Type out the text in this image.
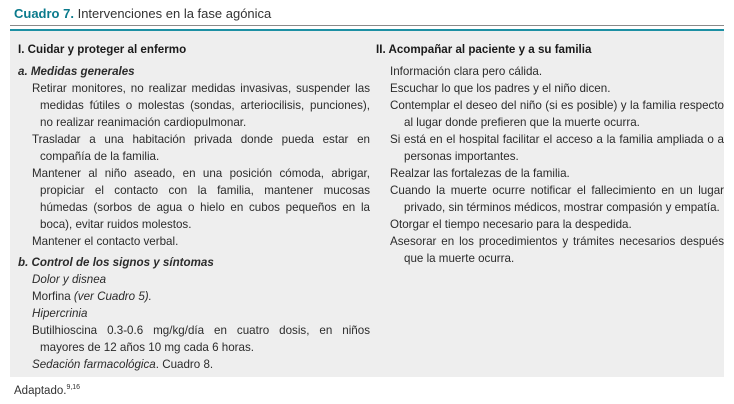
Cuadro 7. Intervenciones en la fase agónica
I. Cuidar y proteger al enfermo
a. Medidas generales
Retirar monitores, no realizar medidas invasivas, suspender las medidas fútiles o molestas (sondas, arteriocilisis, punciones), no realizar reanimación cardiopulmonar.
Trasladar a una habitación privada donde pueda estar en compañía de la familia.
Mantener al niño aseado, en una posición cómoda, abrigar, propiciar el contacto con la familia, mantener mucosas húmedas (sorbos de agua o hielo en cubos pequeños en la boca), evitar ruidos molestos.
Mantener el contacto verbal.
b. Control de los signos y síntomas
Dolor y disnea
Morfina (ver Cuadro 5).
Hipercrinia
Butilhioscina 0.3-0.6 mg/kg/día en cuatro dosis, en niños mayores de 12 años 10 mg cada 6 horas.
Sedación farmacológica. Cuadro 8.
II. Acompañar al paciente y a su familia
Información clara pero cálida.
Escuchar lo que los padres y el niño dicen.
Contemplar el deseo del niño (si es posible) y la familia respecto al lugar donde prefieren que la muerte ocurra.
Si está en el hospital facilitar el acceso a la familia ampliada o a personas importantes.
Realzar las fortalezas de la familia.
Cuando la muerte ocurre notificar el fallecimiento en un lugar privado, sin términos médicos, mostrar compasión y empatía.
Otorgar el tiempo necesario para la despedida.
Asesorar en los procedimientos y trámites necesarios después que la muerte ocurra.
Adaptado.$^{9,16}$
